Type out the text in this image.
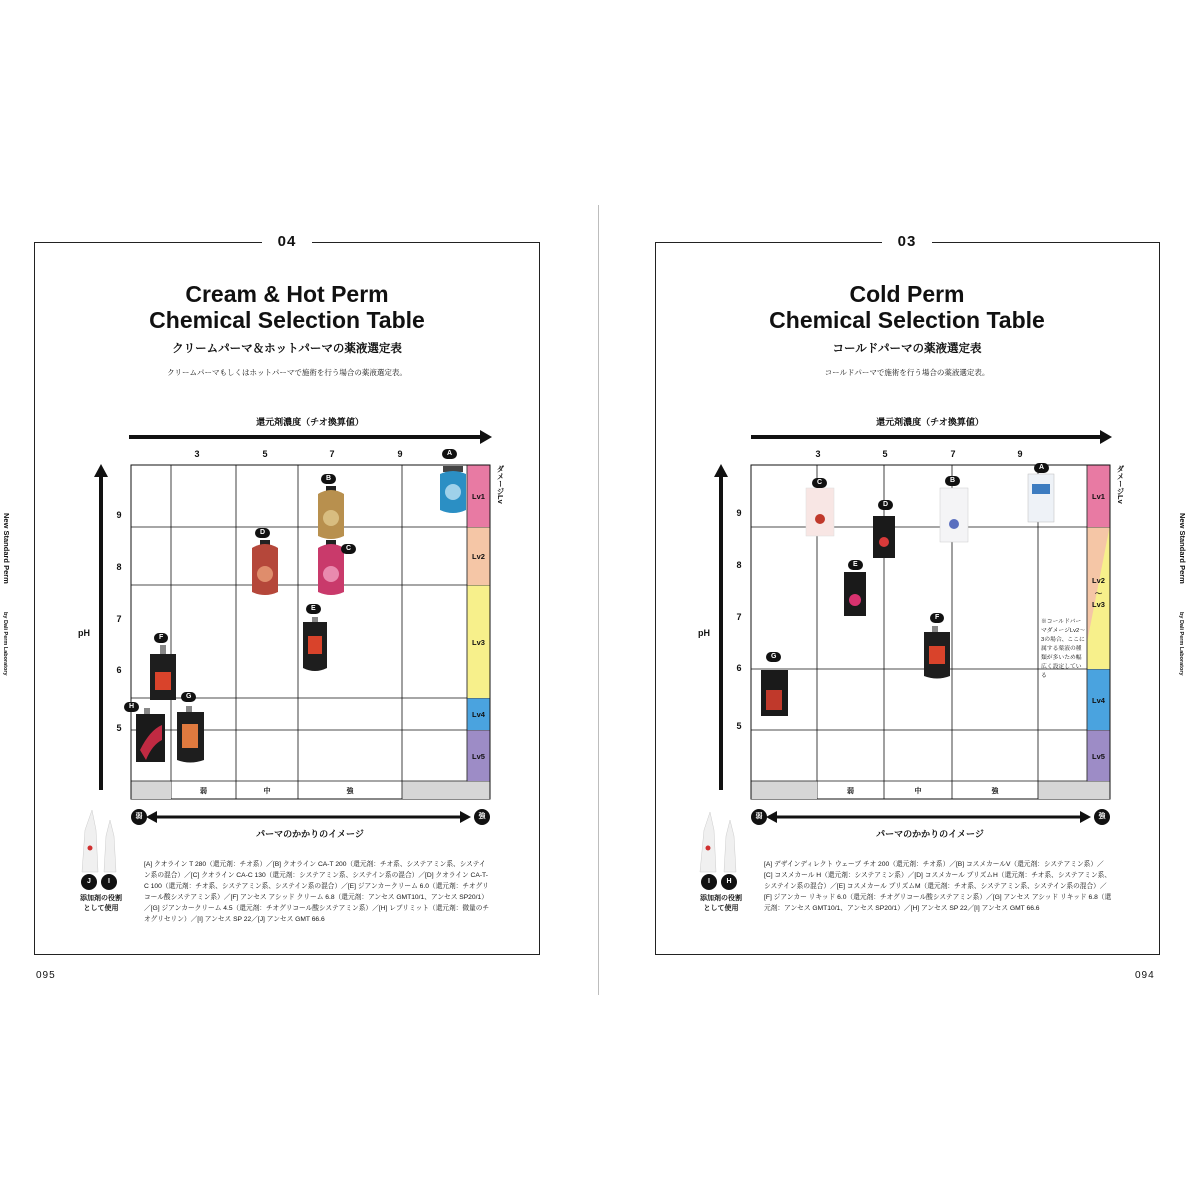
04
Cream & Hot Perm
Chemical Selection Table
クリームパーマ＆ホットパーマの薬液選定表
クリームパーマもしくはホットパーマで施術を行う場合の薬液選定表。
還元剤濃度（チオ換算値）
3	5	7	9
pH
9
8
7
6
5
ダメージLv
Lv1
Lv2
Lv3
Lv4
Lv5
弱	中	強
A
B
C
D
E
F
G
H
弱	強
パーマのかかりのイメージ
J	I
添加剤の役割
として使用
[A] クオライン T 280（還元剤：チオ系）／[B] クオライン CA-T 200（還元剤：チオ系、システアミン系、システイン系の混合）／[C] クオライン CA-C 130（還元剤：システアミン系、システイン系の混合）／[D] クオライン CA-T-C 100（還元剤：チオ系、システアミン系、システイン系の混合）／[E] ジアンカークリーム 6.0（還元剤：チオグリコール酸システアミン系）／[F] アンセス アシッド クリーム 6.8（還元剤：アンセス GMT10/1、アンセス SP20/1）／[G] ジアンカークリーム 4.5（還元剤：チオグリコール酸システアミン系）／[H] レブリミット（還元剤：微量のチオグリセリン）／[I] アンセス SP 22／[J] アンセス GMT 66.6
095
New Standard Perm
by Dali Perm Laboratory
03
Cold Perm
Chemical Selection Table
コールドパーマの薬液選定表
コールドパーマで施術を行う場合の薬液選定表。
還元剤濃度（チオ換算値）
3	5	7	9
pH
9
8
7
6
5
ダメージLv
Lv1
Lv2
〜
Lv3
Lv4
Lv5
※コールドパーマダメージLv2〜3の場合、ここに属する薬液の種類が多いため幅広く設定している
弱	中	強
A
B
C
D
E
F
G
弱	強
パーマのかかりのイメージ
I	H
添加剤の役割
として使用
[A] デザインディレクト ウェーブ チオ 200（還元剤：チオ系）／[B] コスメカールV（還元剤：システアミン系）／[C] コスメカール H（還元剤：システアミン系）／[D] コスメカール プリズムH（還元剤：チオ系、システアミン系、システイン系の混合）／[E] コスメカール プリズムM（還元剤：チオ系、システアミン系、システイン系の混合）／[F] ジアンカー リキッド 6.0（還元剤：チオグリコール酸システアミン系）／[G] アンセス アシッド リキッド 6.8（還元剤：アンセス GMT10/1、アンセス SP20/1）／[H] アンセス SP 22／[I] アンセス GMT 66.6
094
New Standard Perm
by Dali Perm Laboratory
